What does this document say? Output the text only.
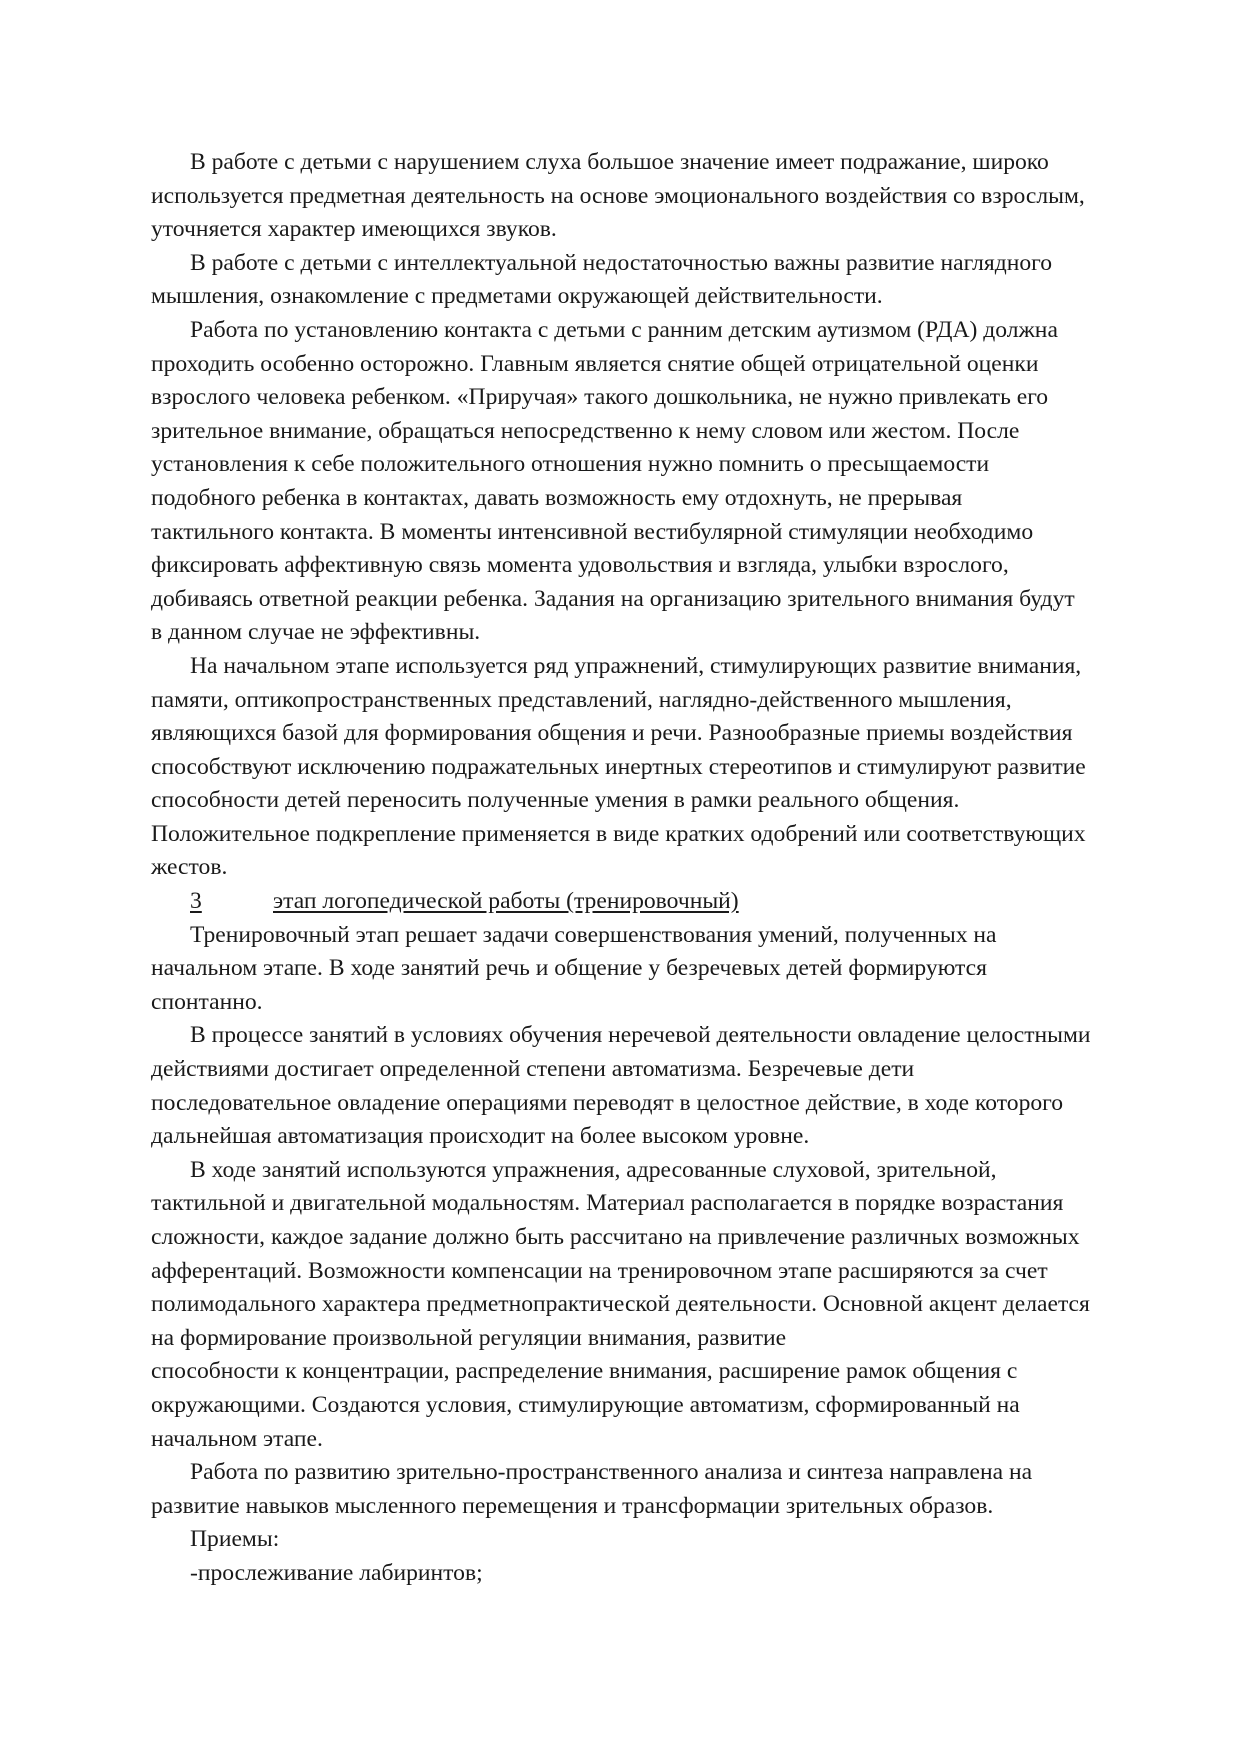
В работе с детьми с нарушением слуха большое значение имеет подражание, широко используется предметная деятельность на основе эмоционального воздействия со взрослым, уточняется характер имеющихся звуков.

В работе с детьми с интеллектуальной недостаточностью важны развитие наглядного мышления, ознакомление с предметами окружающей действительности.

Работа по установлению контакта с детьми с ранним детским аутизмом (РДА) должна проходить особенно осторожно. Главным является снятие общей отрицательной оценки взрослого человека ребенком. «Приручая» такого дошкольника, не нужно привлекать его зрительное внимание, обращаться непосредственно к нему словом или жестом. После установления к себе положительного отношения нужно помнить о пресыщаемости подобного ребенка в контактах, давать возможность ему отдохнуть, не прерывая тактильного контакта. В моменты интенсивной вестибулярной стимуляции необходимо фиксировать аффективную связь момента удовольствия и взгляда, улыбки взрослого, добиваясь ответной реакции ребенка. Задания на организацию зрительного внимания будут в данном случае не эффективны.

На начальном этапе используется ряд упражнений, стимулирующих развитие внимания, памяти, оптикопространственных представлений, наглядно-действенного мышления, являющихся базой для формирования общения и речи. Разнообразные приемы воздействия способствуют исключению подражательных инертных стереотипов и стимулируют развитие способности детей переносить полученные умения в рамки реального общения. Положительное подкрепление применяется в виде кратких одобрений или соответствующих жестов.

3	этап логопедической работы (тренировочный)

Тренировочный этап решает задачи совершенствования умений, полученных на начальном этапе. В ходе занятий речь и общение у безречевых детей формируются спонтанно.

В процессе занятий в условиях обучения неречевой деятельности овладение целостными действиями достигает определенной степени автоматизма. Безречевые дети последовательное овладение операциями переводят в целостное действие, в ходе которого дальнейшая автоматизация происходит на более высоком уровне.

В ходе занятий используются упражнения, адресованные слуховой, зрительной, тактильной и двигательной модальностям. Материал располагается в порядке возрастания сложности, каждое задание должно быть рассчитано на привлечение различных возможных афферентаций. Возможности компенсации на тренировочном этапе расширяются за счет полимодального характера предметнопрактической деятельности. Основной акцент делается на формирование произвольной регуляции внимания, развитие

способности к концентрации, распределение внимания, расширение рамок общения с окружающими. Создаются условия, стимулирующие автоматизм, сформированный на начальном этапе.

Работа по развитию зрительно-пространственного анализа и синтеза направлена на развитие навыков мысленного перемещения и трансформации зрительных образов.

Приемы:

-прослеживание лабиринтов;
